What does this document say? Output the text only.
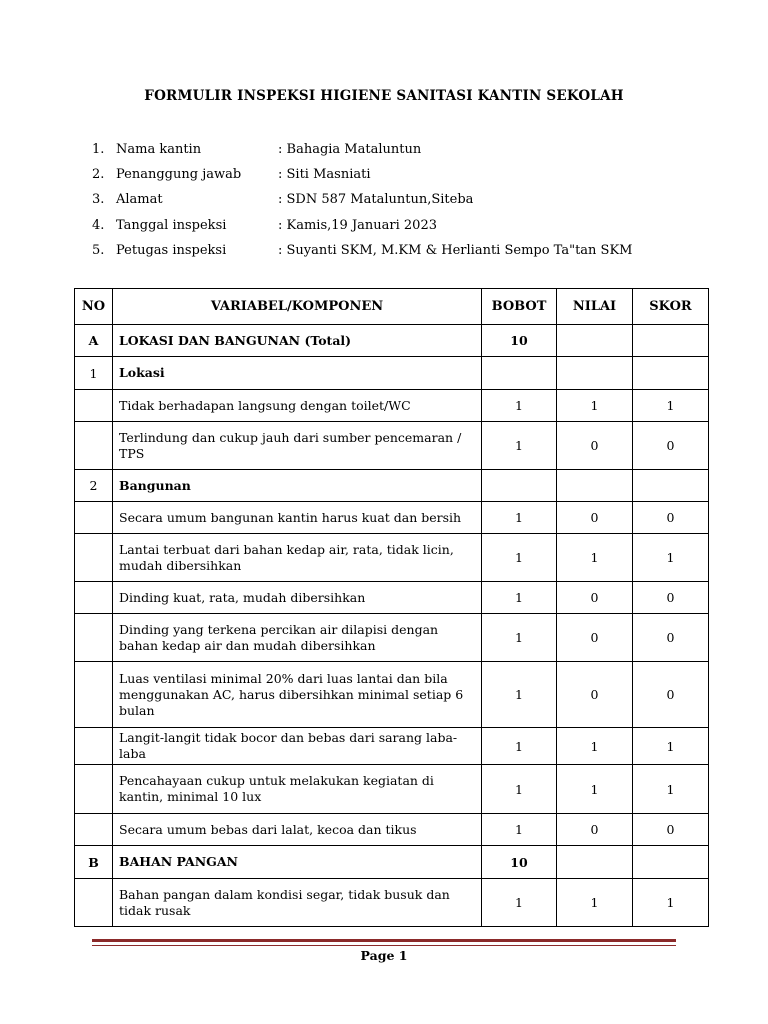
FORMULIR INSPEKSI HIGIENE SANITASI KANTIN SEKOLAH
1. Nama kantin	: Bahagia Mataluntun
2. Penanggung jawab	: Siti Masniati
3. Alamat	: SDN 587 Mataluntun,Siteba
4. Tanggal inspeksi	: Kamis,19 Januari 2023
5. Petugas inspeksi	: Suyanti SKM, M.KM & Herlianti Sempo Ta"tan SKM
NO	VARIABEL/KOMPONEN	BOBOT	NILAI	SKOR
A	LOKASI DAN BANGUNAN (Total)	10		
1	Lokasi			
	Tidak berhadapan langsung dengan toilet/WC	1	1	1
	Terlindung dan cukup jauh dari sumber pencemaran / TPS	1	0	0
2	Bangunan			
	Secara umum bangunan kantin harus kuat dan bersih	1	0	0
	Lantai terbuat dari bahan kedap air, rata, tidak licin, mudah dibersihkan	1	1	1
	Dinding kuat, rata, mudah dibersihkan	1	0	0
	Dinding yang terkena percikan air dilapisi dengan bahan kedap air dan mudah dibersihkan	1	0	0
	Luas ventilasi minimal 20% dari luas lantai dan bila menggunakan AC, harus dibersihkan minimal setiap 6 bulan	1	0	0
	Langit-langit tidak bocor dan bebas dari sarang laba-laba	1	1	1
	Pencahayaan cukup untuk melakukan kegiatan di kantin, minimal 10 lux	1	1	1
	Secara umum bebas dari lalat, kecoa dan tikus	1	0	0
B	BAHAN PANGAN	10		
	Bahan pangan dalam kondisi segar, tidak busuk dan tidak rusak	1	1	1
Page 1
